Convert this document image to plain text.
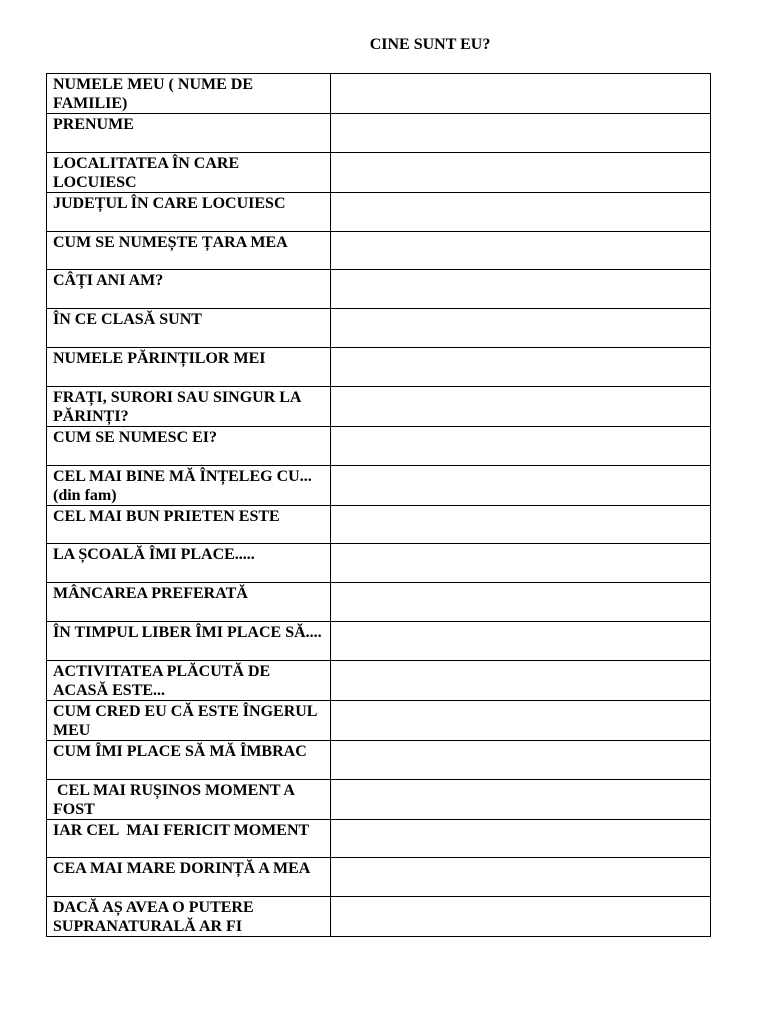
CINE SUNT EU?
NUMELE MEU ( NUME DE FAMILIE)	
PRENUME	
LOCALITATEA ÎN CARE LOCUIESC	
JUDEȚUL ÎN CARE LOCUIESC	
CUM SE NUMEȘTE ȚARA MEA	
CÂȚI ANI AM?	
ÎN CE CLASĂ SUNT	
NUMELE PĂRINȚILOR MEI	
FRAȚI, SURORI SAU SINGUR LA PĂRINȚI?	
CUM SE NUMESC EI?	
CEL MAI BINE MĂ ÎNȚELEG CU...(din fam)	
CEL MAI BUN PRIETEN ESTE	
LA ȘCOALĂ ÎMI PLACE.....	
MÂNCAREA PREFERATĂ	
ÎN TIMPUL LIBER ÎMI PLACE SĂ....	
ACTIVITATEA PLĂCUTĂ DE ACASĂ ESTE...	
CUM CRED EU CĂ ESTE ÎNGERUL MEU	
CUM ÎMI PLACE SĂ MĂ ÎMBRAC	
CEL MAI RUȘINOS MOMENT A FOST	
IAR CEL  MAI FERICIT MOMENT	
CEA MAI MARE DORINȚĂ A MEA	
DACĂ AȘ AVEA O PUTERE SUPRANATURALĂ AR FI	
